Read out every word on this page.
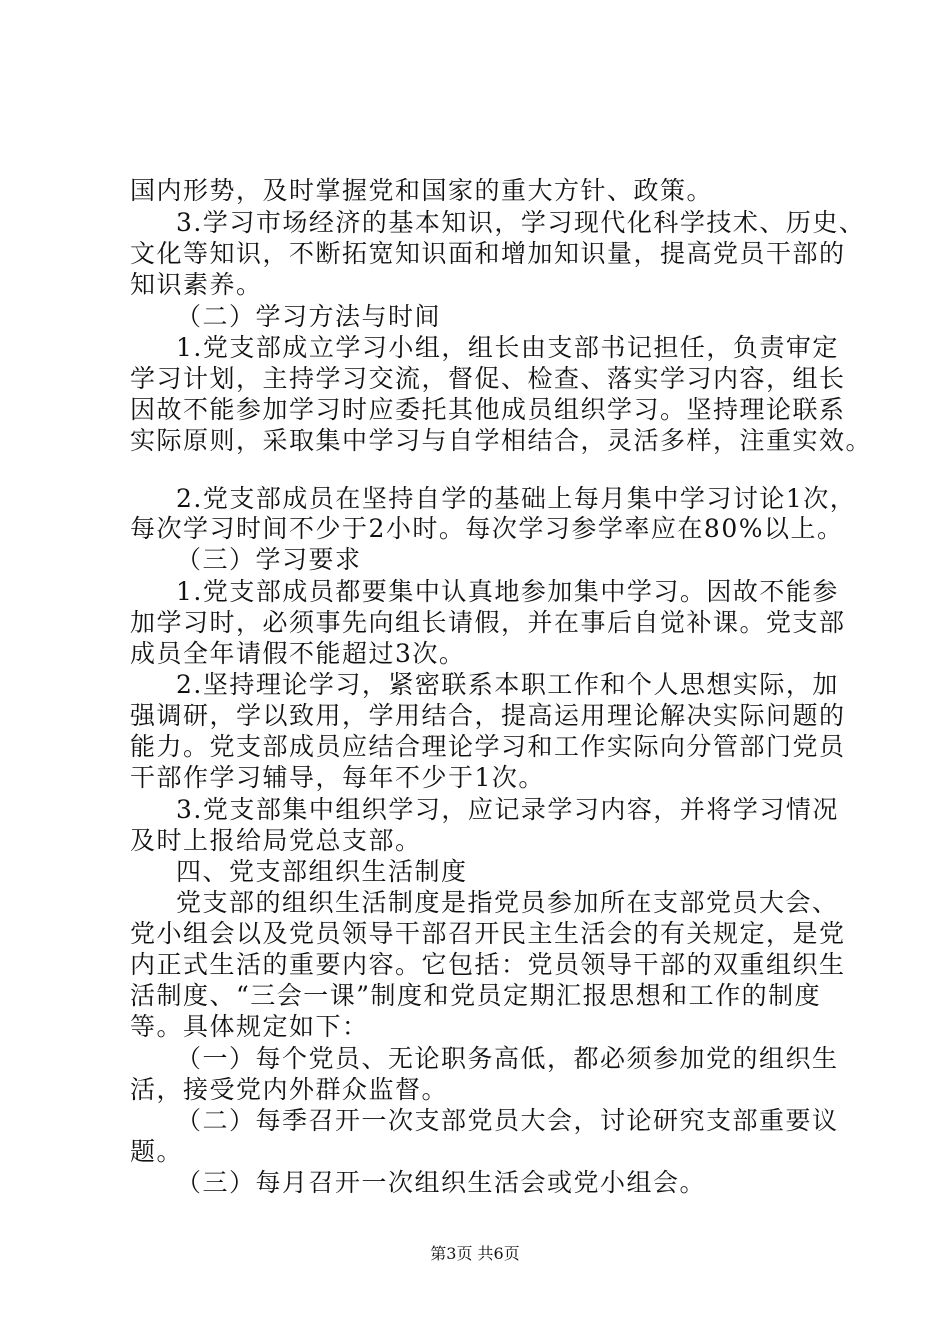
国内形势，及时掌握党和国家的重大方针、政策。
3.学习市场经济的基本知识，学习现代化科学技术、历史、
文化等知识，不断拓宽知识面和增加知识量，提高党员干部的
知识素养。
（二）学习方法与时间
1.党支部成立学习小组，组长由支部书记担任，负责审定
学习计划，主持学习交流，督促、检查、落实学习内容，组长
因故不能参加学习时应委托其他成员组织学习。坚持理论联系
实际原则，采取集中学习与自学相结合，灵活多样，注重实效。
2.党支部成员在坚持自学的基础上每月集中学习讨论1次，
每次学习时间不少于2小时。每次学习参学率应在80%以上。
（三）学习要求
1.党支部成员都要集中认真地参加集中学习。因故不能参
加学习时，必须事先向组长请假，并在事后自觉补课。党支部
成员全年请假不能超过3次。
2.坚持理论学习，紧密联系本职工作和个人思想实际，加
强调研，学以致用，学用结合，提高运用理论解决实际问题的
能力。党支部成员应结合理论学习和工作实际向分管部门党员
干部作学习辅导，每年不少于1次。
3.党支部集中组织学习，应记录学习内容，并将学习情况
及时上报给局党总支部。
四、党支部组织生活制度
党支部的组织生活制度是指党员参加所在支部党员大会、
党小组会以及党员领导干部召开民主生活会的有关规定，是党
内正式生活的重要内容。它包括：党员领导干部的双重组织生
活制度、“三会一课”制度和党员定期汇报思想和工作的制度
等。具体规定如下：
（一）每个党员、无论职务高低，都必须参加党的组织生
活，接受党内外群众监督。
（二）每季召开一次支部党员大会，讨论研究支部重要议
题。
（三）每月召开一次组织生活会或党小组会。
第3页 共6页
